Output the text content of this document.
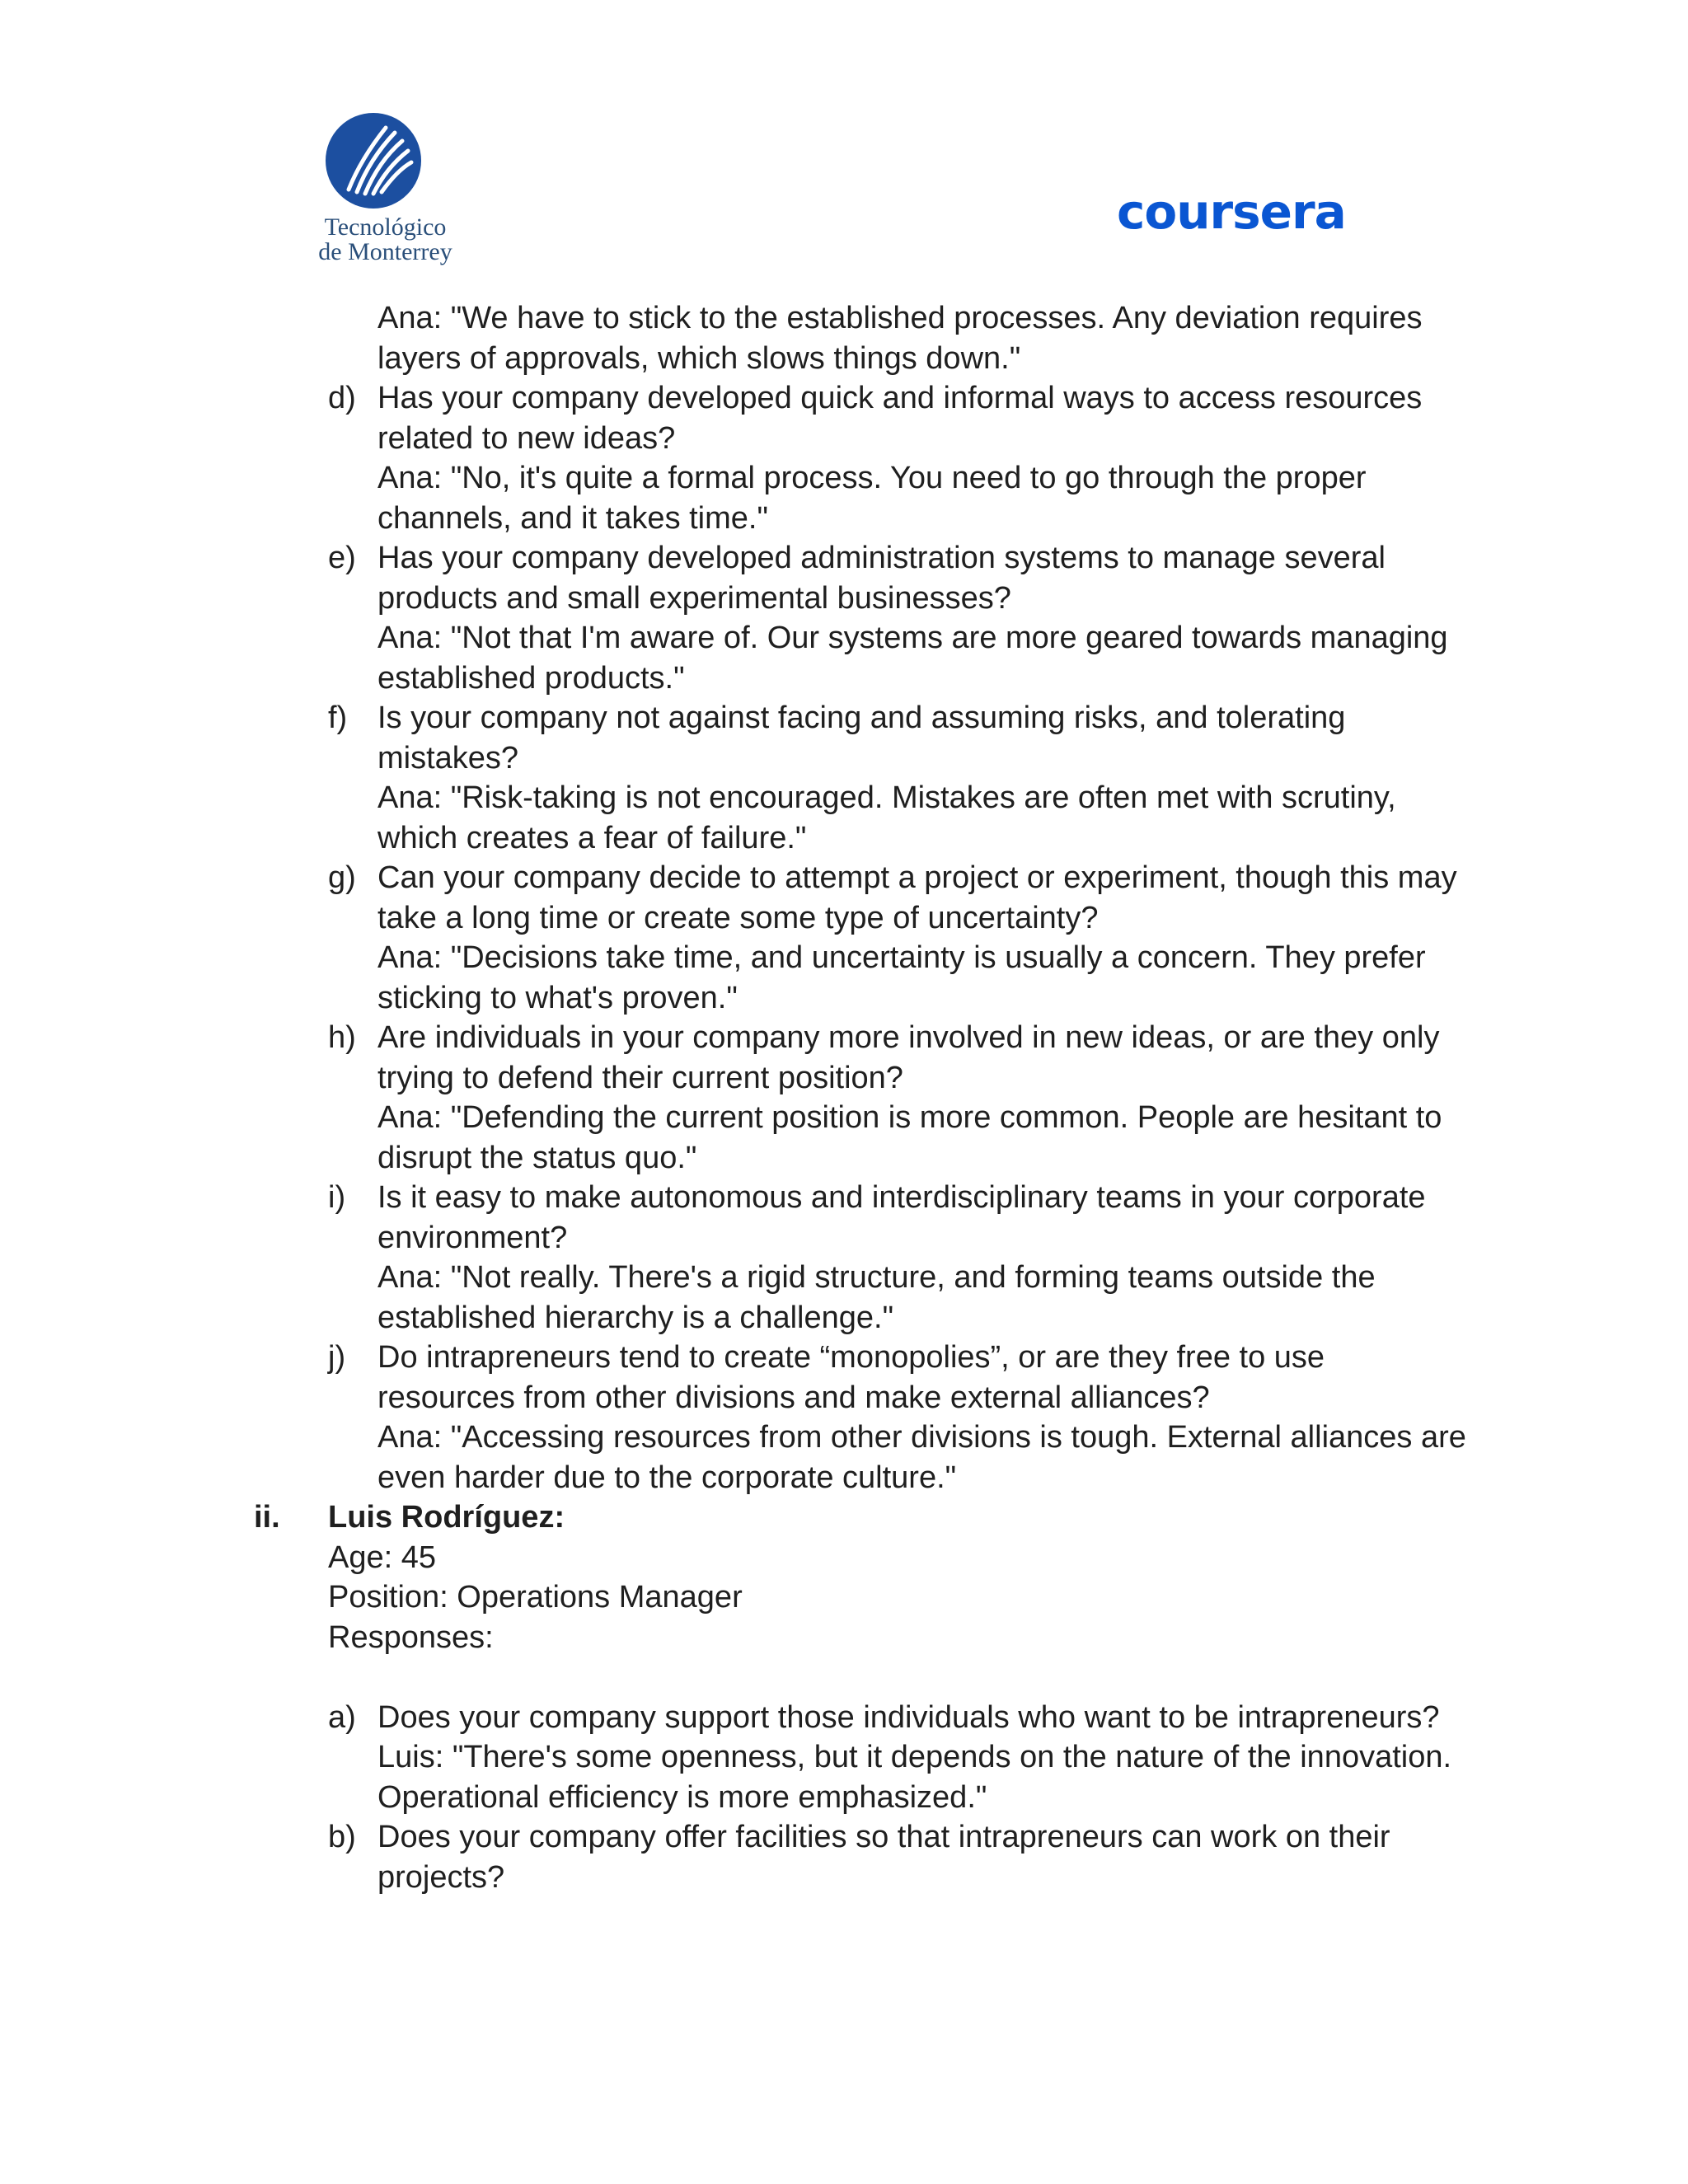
Tecnológico
de Monterrey
coursera
Ana: "We have to stick to the established processes. Any deviation requires
layers of approvals, which slows things down."
d) Has your company developed quick and informal ways to access resources
related to new ideas?
Ana: "No, it's quite a formal process. You need to go through the proper
channels, and it takes time."
e) Has your company developed administration systems to manage several
products and small experimental businesses?
Ana: "Not that I'm aware of. Our systems are more geared towards managing
established products."
f) Is your company not against facing and assuming risks, and tolerating
mistakes?
Ana: "Risk-taking is not encouraged. Mistakes are often met with scrutiny,
which creates a fear of failure."
g) Can your company decide to attempt a project or experiment, though this may
take a long time or create some type of uncertainty?
Ana: "Decisions take time, and uncertainty is usually a concern. They prefer
sticking to what's proven."
h) Are individuals in your company more involved in new ideas, or are they only
trying to defend their current position?
Ana: "Defending the current position is more common. People are hesitant to
disrupt the status quo."
i) Is it easy to make autonomous and interdisciplinary teams in your corporate
environment?
Ana: "Not really. There's a rigid structure, and forming teams outside the
established hierarchy is a challenge."
j) Do intrapreneurs tend to create “monopolies”, or are they free to use
resources from other divisions and make external alliances?
Ana: "Accessing resources from other divisions is tough. External alliances are
even harder due to the corporate culture."
ii. Luis Rodríguez:
Age: 45
Position: Operations Manager
Responses:
a) Does your company support those individuals who want to be intrapreneurs?
Luis: "There's some openness, but it depends on the nature of the innovation.
Operational efficiency is more emphasized."
b) Does your company offer facilities so that intrapreneurs can work on their
projects?
